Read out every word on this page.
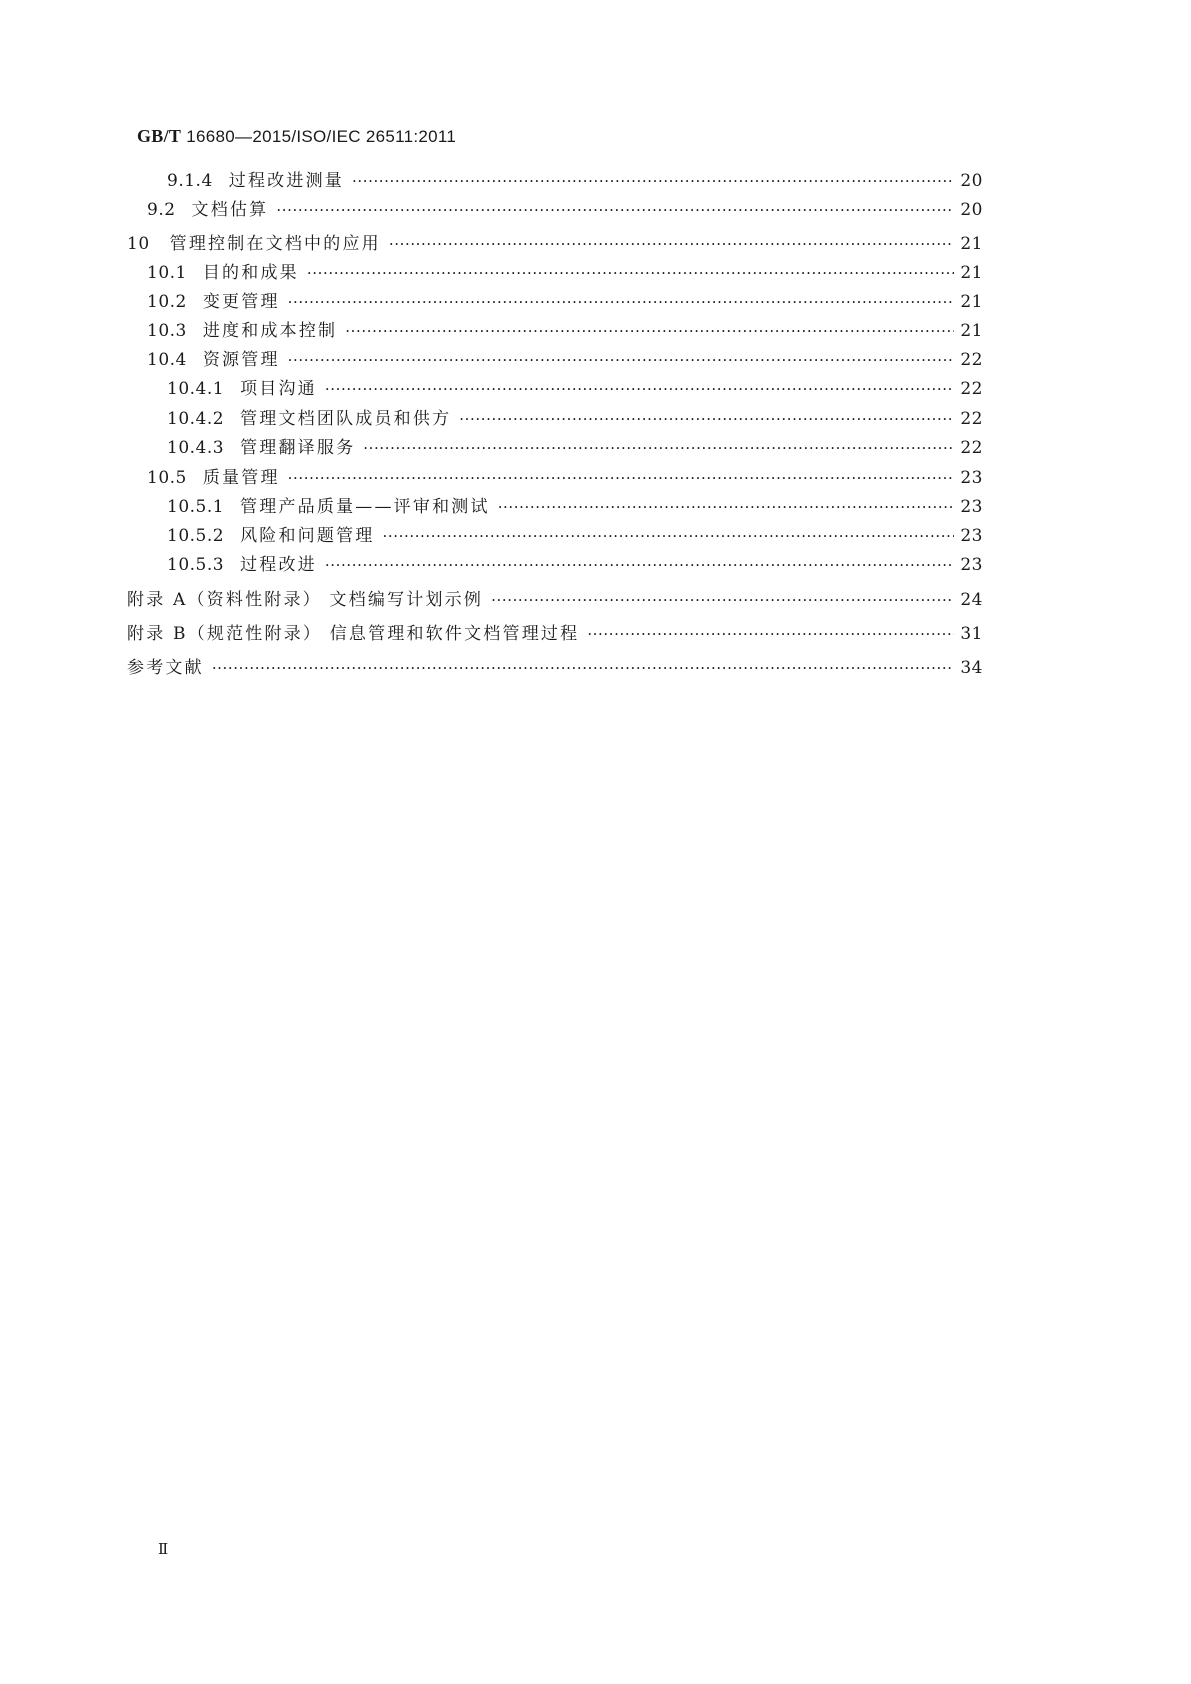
GB/T 16680—2015/ISO/IEC 26511:2011
9.1.4 过程改进测量 ·····	20
9.2 文档估算 ·····	20
10 管理控制在文档中的应用 ·····	21
10.1 目的和成果 ·····	21
10.2 变更管理 ·····	21
10.3 进度和成本控制 ·····	21
10.4 资源管理 ·····	22
10.4.1 项目沟通 ·····	22
10.4.2 管理文档团队成员和供方 ·····	22
10.4.3 管理翻译服务 ·····	22
10.5 质量管理 ·····	23
10.5.1 管理产品质量——评审和测试 ·····	23
10.5.2 风险和问题管理 ·····	23
10.5.3 过程改进 ·····	23
附录 A（资料性附录） 文档编写计划示例 ·····	24
附录 B（规范性附录） 信息管理和软件文档管理过程 ·····	31
参考文献 ·····	34
Ⅱ
